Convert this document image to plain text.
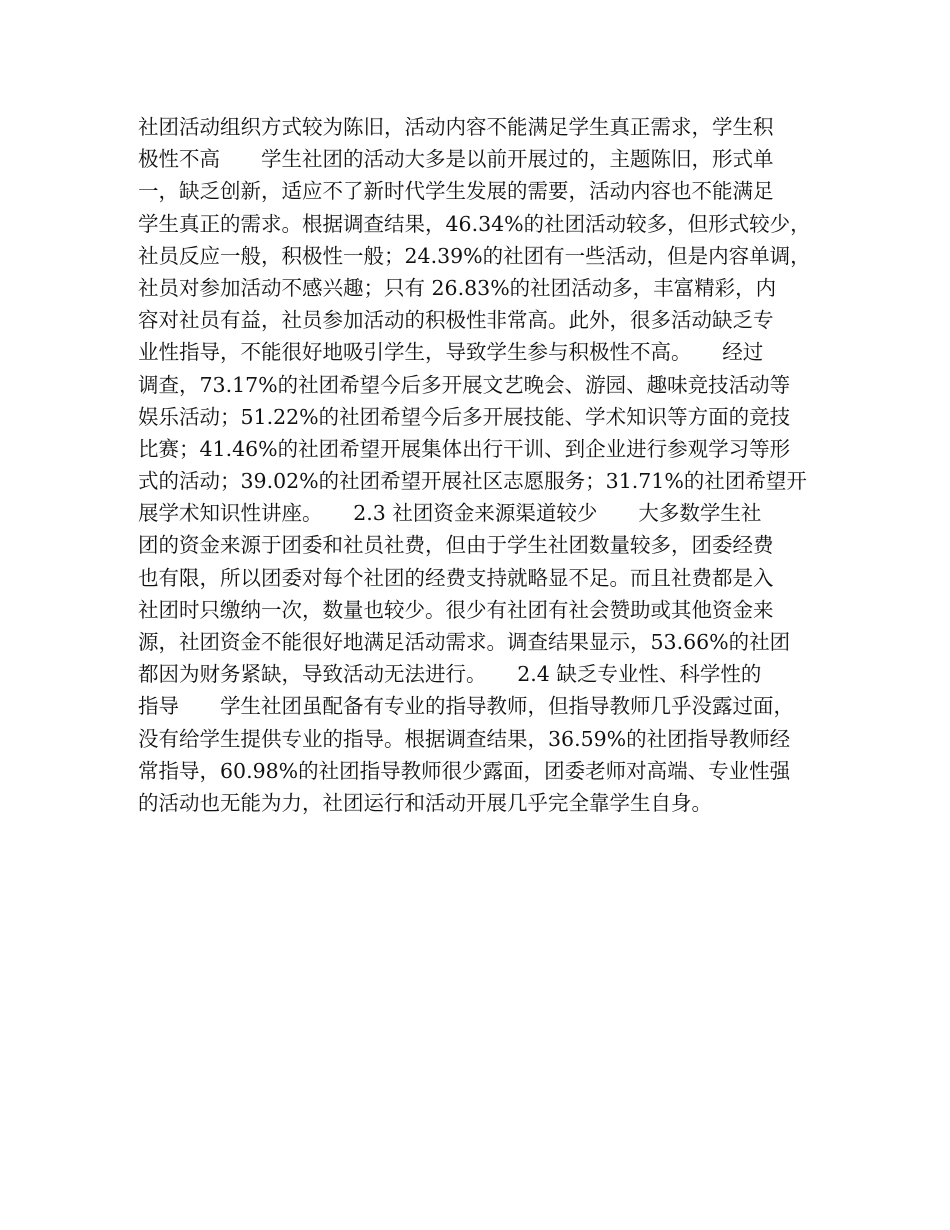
社团活动组织方式较为陈旧，活动内容不能满足学生真正需求，学生积
极性不高　　学生社团的活动大多是以前开展过的，主题陈旧，形式单
一，缺乏创新，适应不了新时代学生发展的需要，活动内容也不能满足
学生真正的需求。根据调查结果，46.34%的社团活动较多，但形式较少，
社员反应一般，积极性一般；24.39%的社团有一些活动，但是内容单调，
社员对参加活动不感兴趣；只有 26.83%的社团活动多，丰富精彩，内
容对社员有益，社员参加活动的积极性非常高。此外，很多活动缺乏专
业性指导，不能很好地吸引学生，导致学生参与积极性不高。　　经过
调查，73.17%的社团希望今后多开展文艺晚会、游园、趣味竞技活动等
娱乐活动；51.22%的社团希望今后多开展技能、学术知识等方面的竞技
比赛；41.46%的社团希望开展集体出行干训、到企业进行参观学习等形
式的活动；39.02%的社团希望开展社区志愿服务；31.71%的社团希望开
展学术知识性讲座。　　2.3 社团资金来源渠道较少　　大多数学生社
团的资金来源于团委和社员社费，但由于学生社团数量较多，团委经费
也有限，所以团委对每个社团的经费支持就略显不足。而且社费都是入
社团时只缴纳一次，数量也较少。很少有社团有社会赞助或其他资金来
源，社团资金不能很好地满足活动需求。调查结果显示，53.66%的社团
都因为财务紧缺，导致活动无法进行。　　2.4 缺乏专业性、科学性的
指导　　学生社团虽配备有专业的指导教师，但指导教师几乎没露过面，
没有给学生提供专业的指导。根据调查结果，36.59%的社团指导教师经
常指导，60.98%的社团指导教师很少露面，团委老师对高端、专业性强
的活动也无能为力，社团运行和活动开展几乎完全靠学生自身。
